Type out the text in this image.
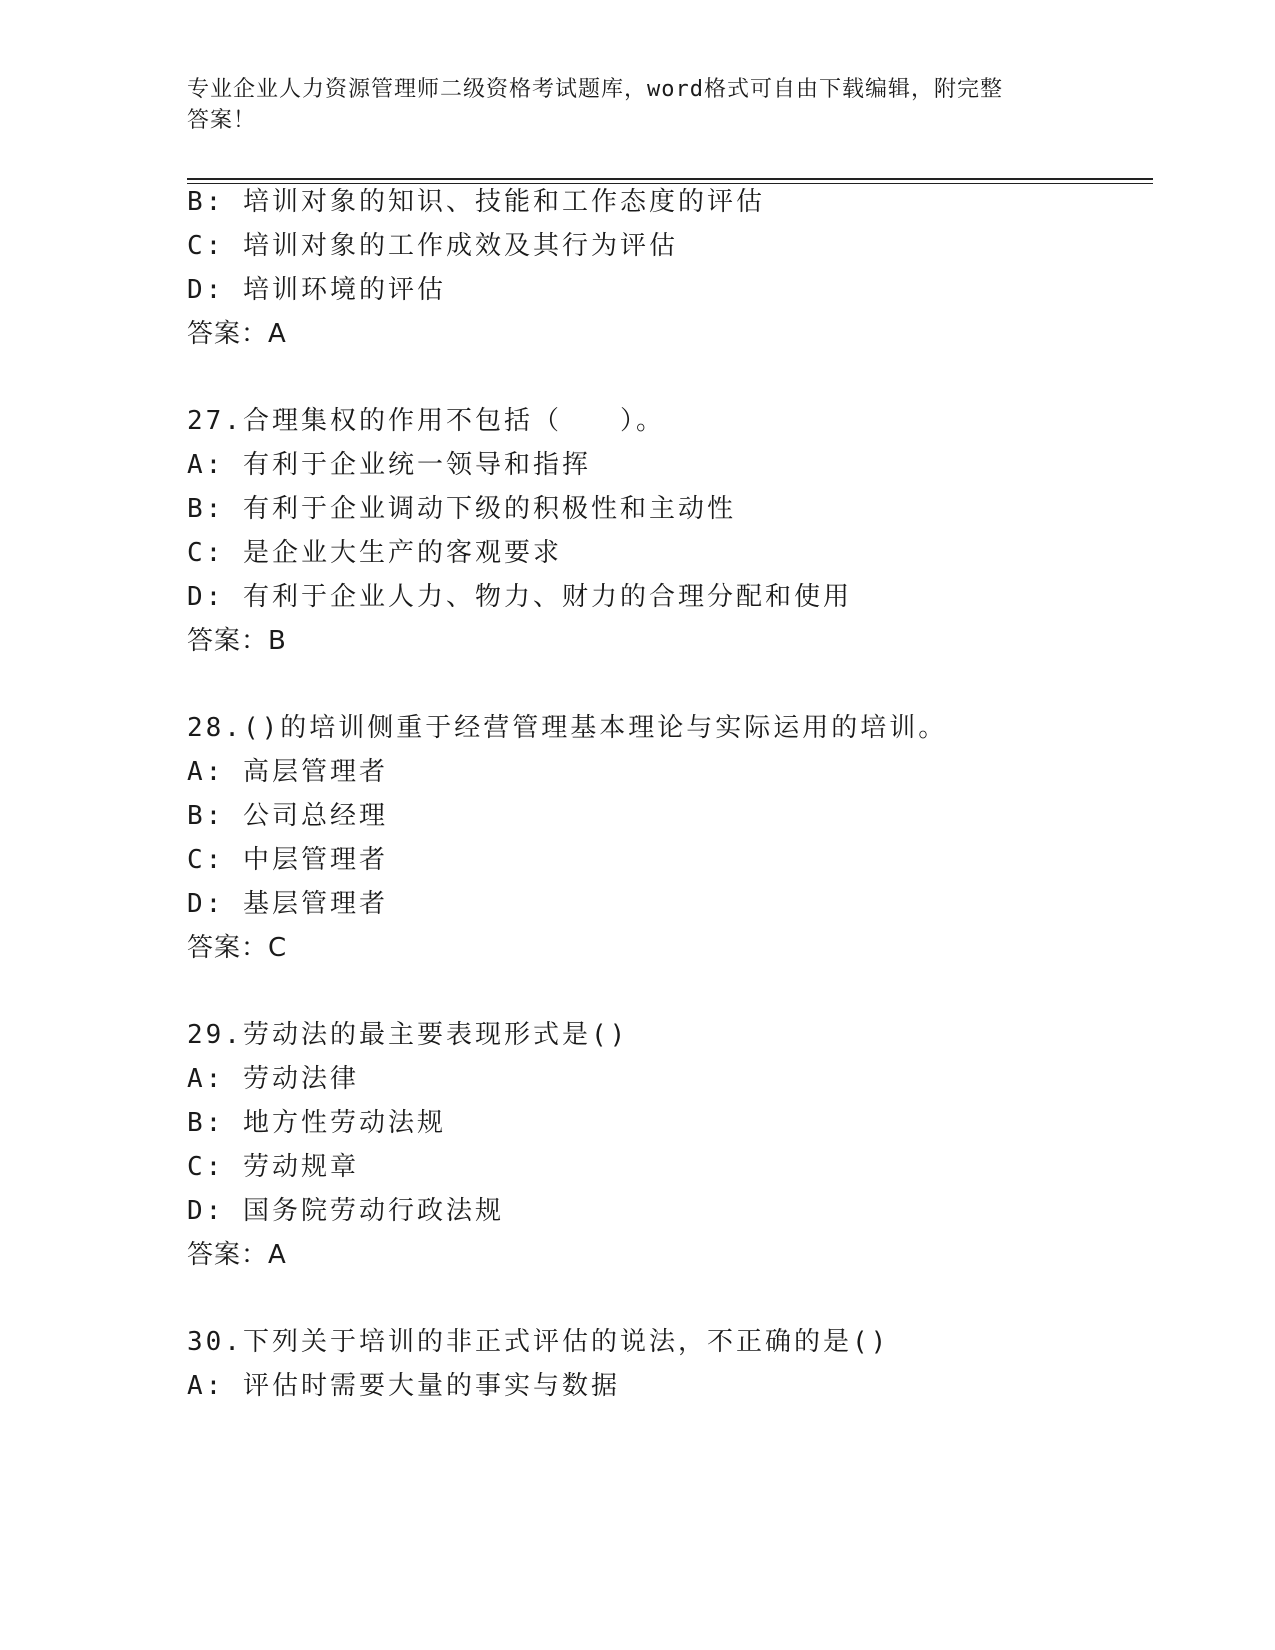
专业企业人力资源管理师二级资格考试题库，word格式可自由下载编辑，附完整
答案！
B: 培训对象的知识、技能和工作态度的评估
C: 培训对象的工作成效及其行为评估
D: 培训环境的评估
答案：A
27.合理集权的作用不包括（　　）。
A: 有利于企业统一领导和指挥
B: 有利于企业调动下级的积极性和主动性
C: 是企业大生产的客观要求
D: 有利于企业人力、物力、财力的合理分配和使用
答案：B
28.()的培训侧重于经营管理基本理论与实际运用的培训。
A: 高层管理者
B: 公司总经理
C: 中层管理者
D: 基层管理者
答案：C
29.劳动法的最主要表现形式是()
A: 劳动法律
B: 地方性劳动法规
C: 劳动规章
D: 国务院劳动行政法规
答案：A
30.下列关于培训的非正式评估的说法，不正确的是()
A: 评估时需要大量的事实与数据
